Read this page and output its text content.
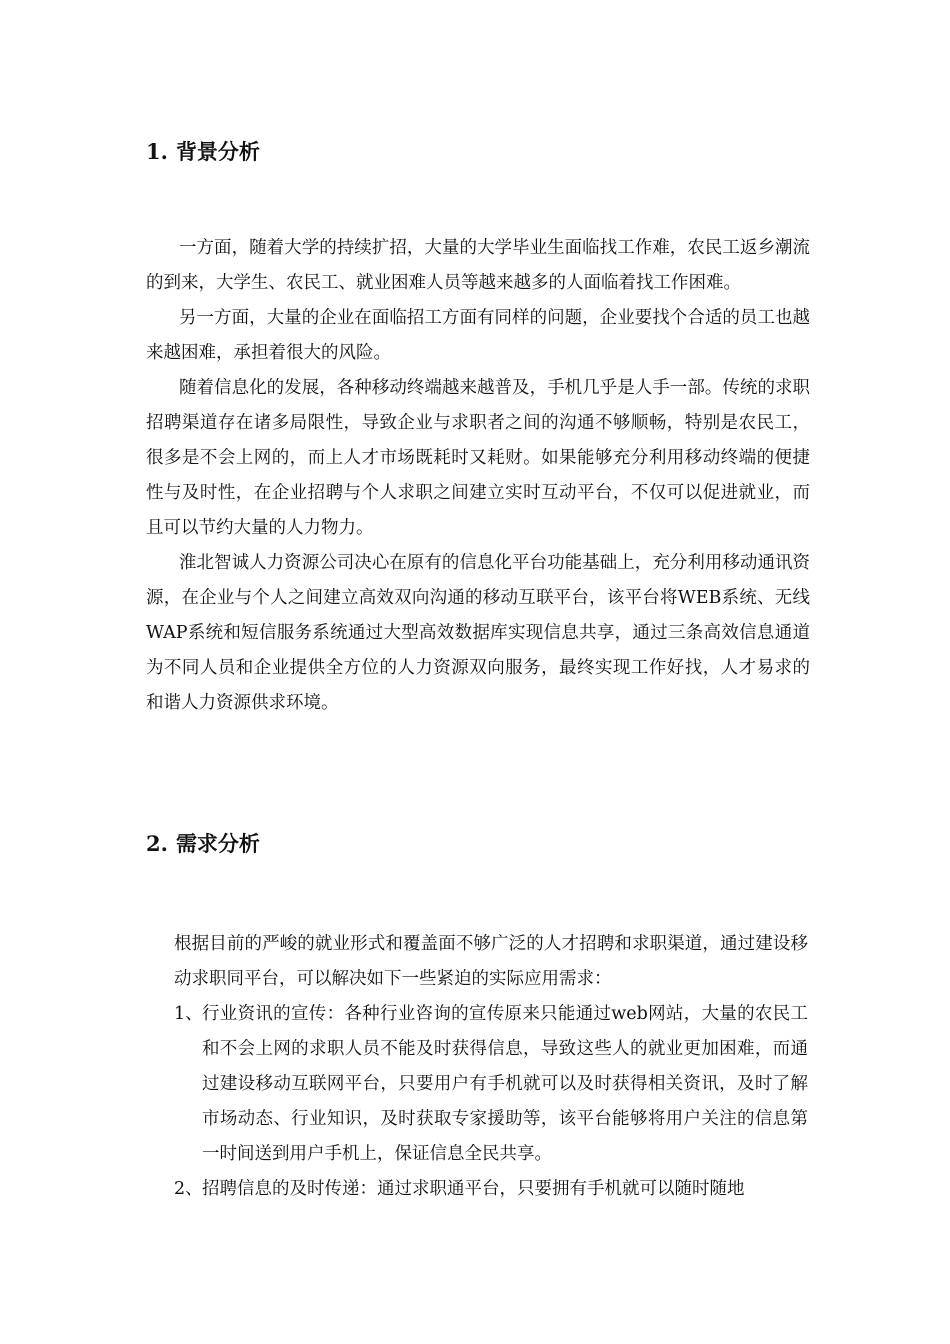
1. 背景分析

一方面，随着大学的持续扩招，大量的大学毕业生面临找工作难，农民工返乡潮流的到来，大学生、农民工、就业困难人员等越来越多的人面临着找工作困难。

另一方面，大量的企业在面临招工方面有同样的问题，企业要找个合适的员工也越来越困难，承担着很大的风险。

随着信息化的发展，各种移动终端越来越普及，手机几乎是人手一部。传统的求职招聘渠道存在诸多局限性，导致企业与求职者之间的沟通不够顺畅，特别是农民工，很多是不会上网的，而上人才市场既耗时又耗财。如果能够充分利用移动终端的便捷性与及时性，在企业招聘与个人求职之间建立实时互动平台，不仅可以促进就业，而且可以节约大量的人力物力。

淮北智诚人力资源公司决心在原有的信息化平台功能基础上，充分利用移动通讯资源，在企业与个人之间建立高效双向沟通的移动互联平台，该平台将WEB系统、无线WAP系统和短信服务系统通过大型高效数据库实现信息共享，通过三条高效信息通道为不同人员和企业提供全方位的人力资源双向服务，最终实现工作好找，人才易求的和谐人力资源供求环境。

2. 需求分析

根据目前的严峻的就业形式和覆盖面不够广泛的人才招聘和求职渠道，通过建设移动求职同平台，可以解决如下一些紧迫的实际应用需求：

1、 行业资讯的宣传：各种行业咨询的宣传原来只能通过web网站，大量的农民工和不会上网的求职人员不能及时获得信息，导致这些人的就业更加困难，而通过建设移动互联网平台，只要用户有手机就可以及时获得相关资讯，及时了解市场动态、行业知识，及时获取专家援助等，该平台能够将用户关注的信息第一时间送到用户手机上，保证信息全民共享。
2、 招聘信息的及时传递：通过求职通平台，只要拥有手机就可以随时随地
